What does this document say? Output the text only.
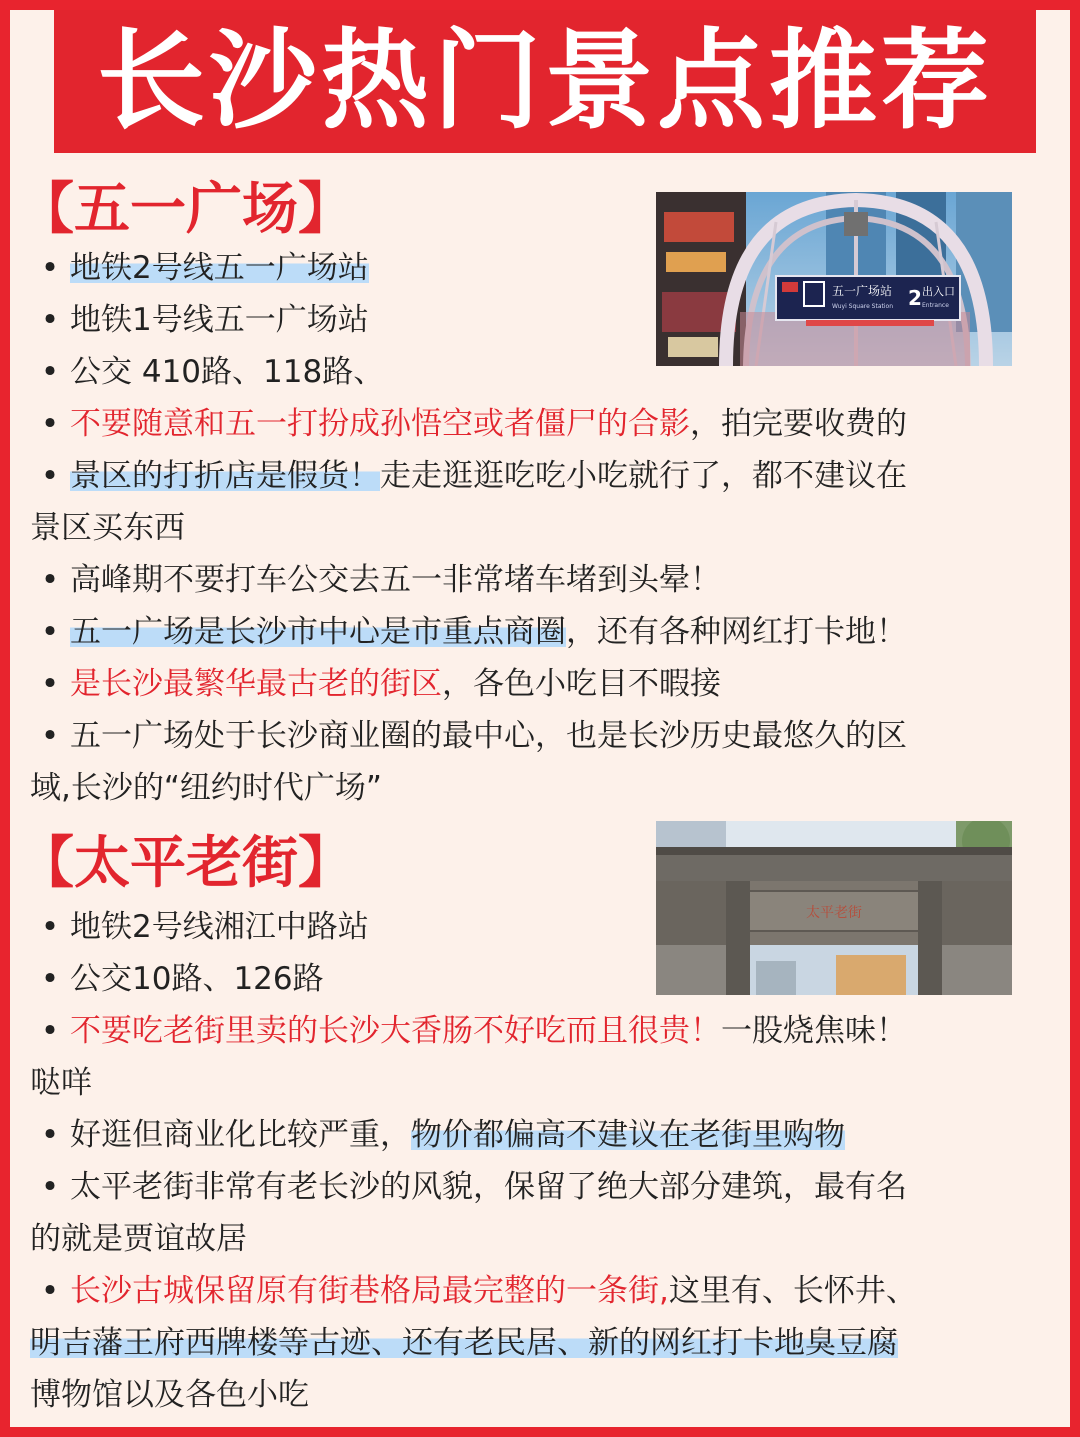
长沙热门景点推荐
【五一广场】
五一广场站
Wuyi Square Station 2 出入口
Entrance
• 地铁2号线五一广场站
• 地铁1号线五一广场站
• 公交 410路、118路、
• 不要随意和五一打扮成孙悟空或者僵尸的合影，拍完要收费的
• 景区的打折店是假货！走走逛逛吃吃小吃就行了，都不建议在
景区买东西
• 高峰期不要打车公交去五一非常堵车堵到头晕！
• 五一广场是长沙市中心是市重点商圈，还有各种网红打卡地！
• 是长沙最繁华最古老的街区，各色小吃目不暇接
• 五一广场处于长沙商业圈的最中心，也是长沙历史最悠久的区
域,长沙的“纽约时代广场”
【太平老街】
太平老街
• 地铁2号线湘江中路站
• 公交10路、126路
• 不要吃老街里卖的长沙大香肠不好吃而且很贵！一股烧焦味！
哒咩
• 好逛但商业化比较严重，物价都偏高不建议在老街里购物
• 太平老街非常有老长沙的风貌，保留了绝大部分建筑，最有名
的就是贾谊故居
• 长沙古城保留原有街巷格局最完整的一条街,这里有、长怀井、
明吉藩王府西牌楼等古迹、还有老民居、新的网红打卡地臭豆腐
博物馆以及各色小吃
